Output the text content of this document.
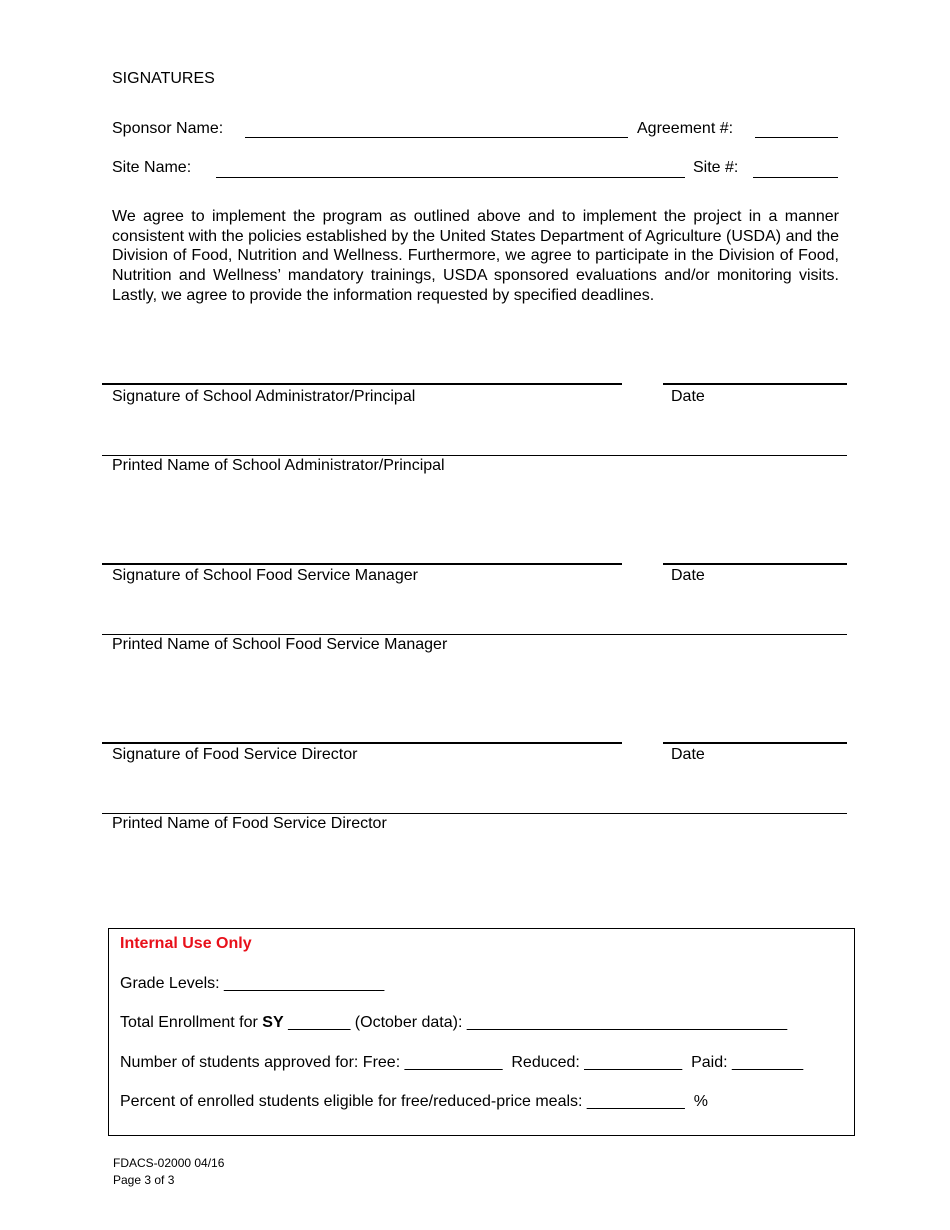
SIGNATURES
Sponsor Name:	Agreement #:
Site Name:	Site #:
We agree to implement the program as outlined above and to implement the project in a manner consistent with the policies established by the United States Department of Agriculture (USDA) and the Division of Food, Nutrition and Wellness. Furthermore, we agree to participate in the Division of Food, Nutrition and Wellness’ mandatory trainings, USDA sponsored evaluations and/or monitoring visits. Lastly, we agree to provide the information requested by specified deadlines.
Signature of School Administrator/Principal	Date
Printed Name of School Administrator/Principal
Signature of School Food Service Manager	Date
Printed Name of School Food Service Manager
Signature of Food Service Director	Date
Printed Name of Food Service Director
Internal Use Only
Grade Levels: __________________
Total Enrollment for SY _______ (October data): ____________________________________
Number of students approved for: Free: ___________  Reduced: ___________  Paid: ________
Percent of enrolled students eligible for free/reduced-price meals: ___________  %
FDACS-02000 04/16
Page 3 of 3
